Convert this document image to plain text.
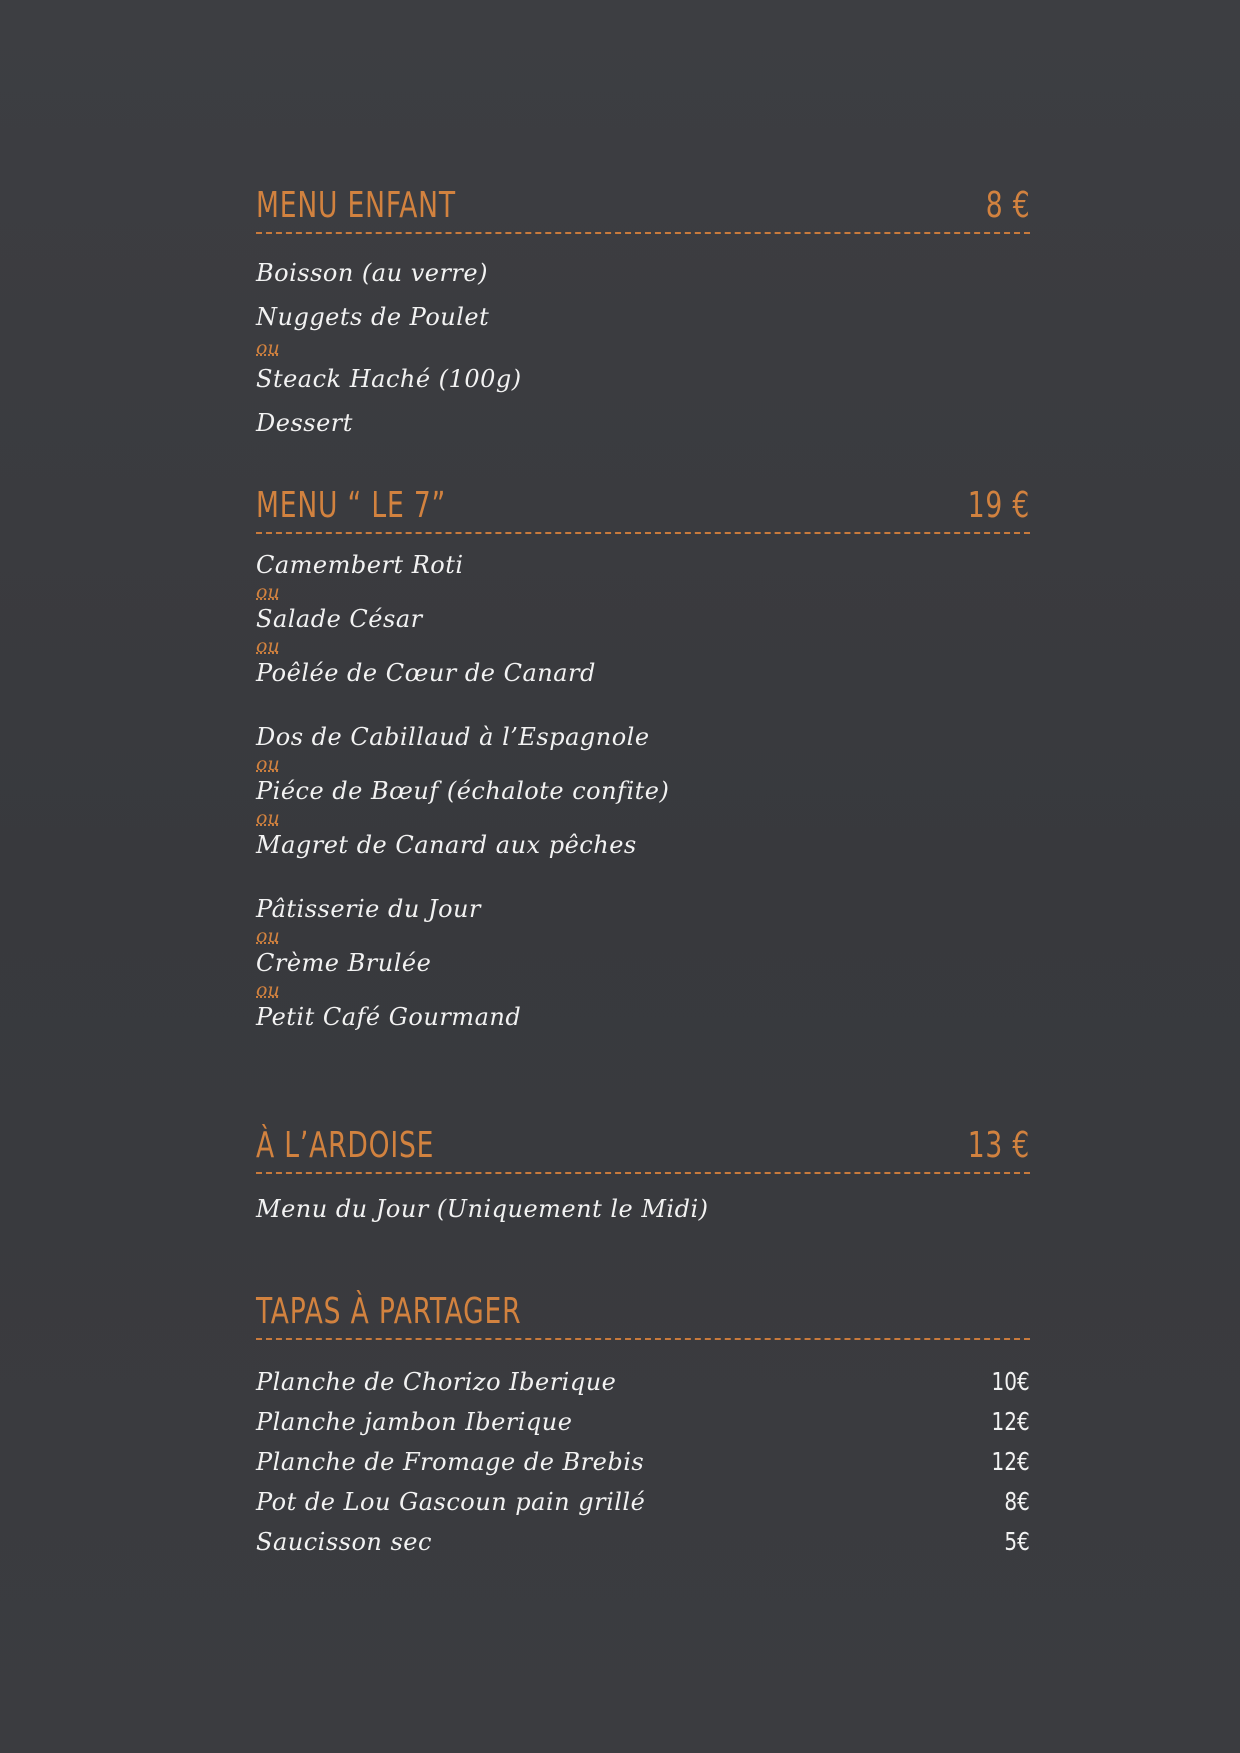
MENU ENFANT	8 €
Boisson (au verre)
Nuggets de Poulet
ou
Steack Haché (100g)
Dessert
MENU “ LE 7”	19 €
Camembert Roti
ou
Salade César
ou
Poêlée de Cœur de Canard
Dos de Cabillaud à l’Espagnole
ou
Piéce de Bœuf (échalote confite)
ou
Magret de Canard aux pêches
Pâtisserie du Jour
ou
Crème Brulée
ou
Petit Café Gourmand
À L’ARDOISE	13 €
Menu du Jour (Uniquement le Midi)
TAPAS À PARTAGER
Planche de Chorizo Iberique	10€
Planche jambon Iberique	12€
Planche de Fromage de Brebis	12€
Pot de Lou Gascoun pain grillé	8€
Saucisson sec	5€
